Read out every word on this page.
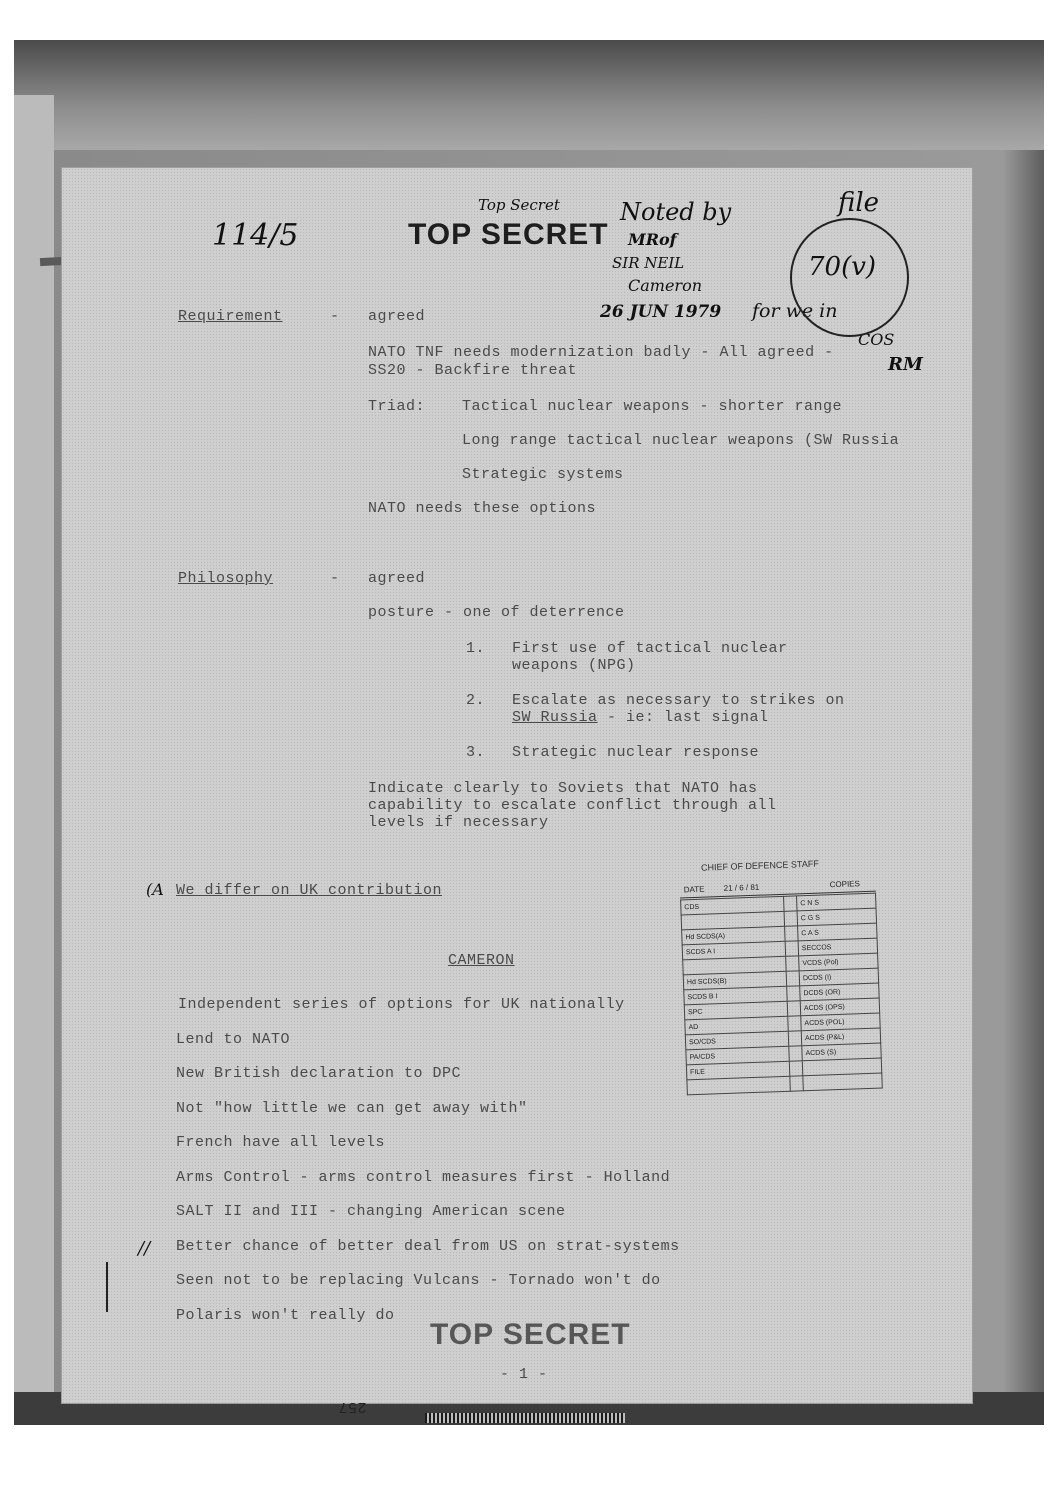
114/5	TOP SECRET
Top Secret	Noted by
MRof
SIR NEIL
Cameron
26 JUN 1979 for we in
COS
RM
file
70(v)
Requirement	- agreed
NATO TNF needs modernization badly - All agreed -
SS20 - Backfire threat
Triad: Tactical nuclear weapons - shorter range
Long range tactical nuclear weapons (SW Russia
Strategic systems
NATO needs these options
Philosophy	- agreed
posture - one of deterrence
1. First use of tactical nuclear
weapons (NPG)
2. Escalate as necessary to strikes on
SW Russia - ie: last signal
3. Strategic nuclear response
Indicate clearly to Soviets that NATO has
capability to escalate conflict through all
levels if necessary
(A We differ on UK contribution
CHIEF OF DEFENCE STAFF
DATE 21 / 6 / 81	COPIES
CDS		C N S
		C G S
Hd SCDS(A)		C A S
SCDS A I		SECCOS
		VCDS (Pol)
Hd SCDS(B)		DCDS (I)
SCDS B I		DCDS (OR)
SPC		ACDS (OPS)
AD		ACDS (POL)
SO/CDS		ACDS (P&L)
PA/CDS		ACDS (S)
FILE		

CAMERON
Independent series of options for UK nationally
Lend to NATO
New British declaration to DPC
Not "how little we can get away with"
French have all levels
Arms Control - arms control measures first - Holland
SALT II and III - changing American scene
Better chance of better deal from US on strat-systems
Seen not to be replacing Vulcans - Tornado won't do
Polaris won't really do
//
TOP SECRET
- 1 -
257
